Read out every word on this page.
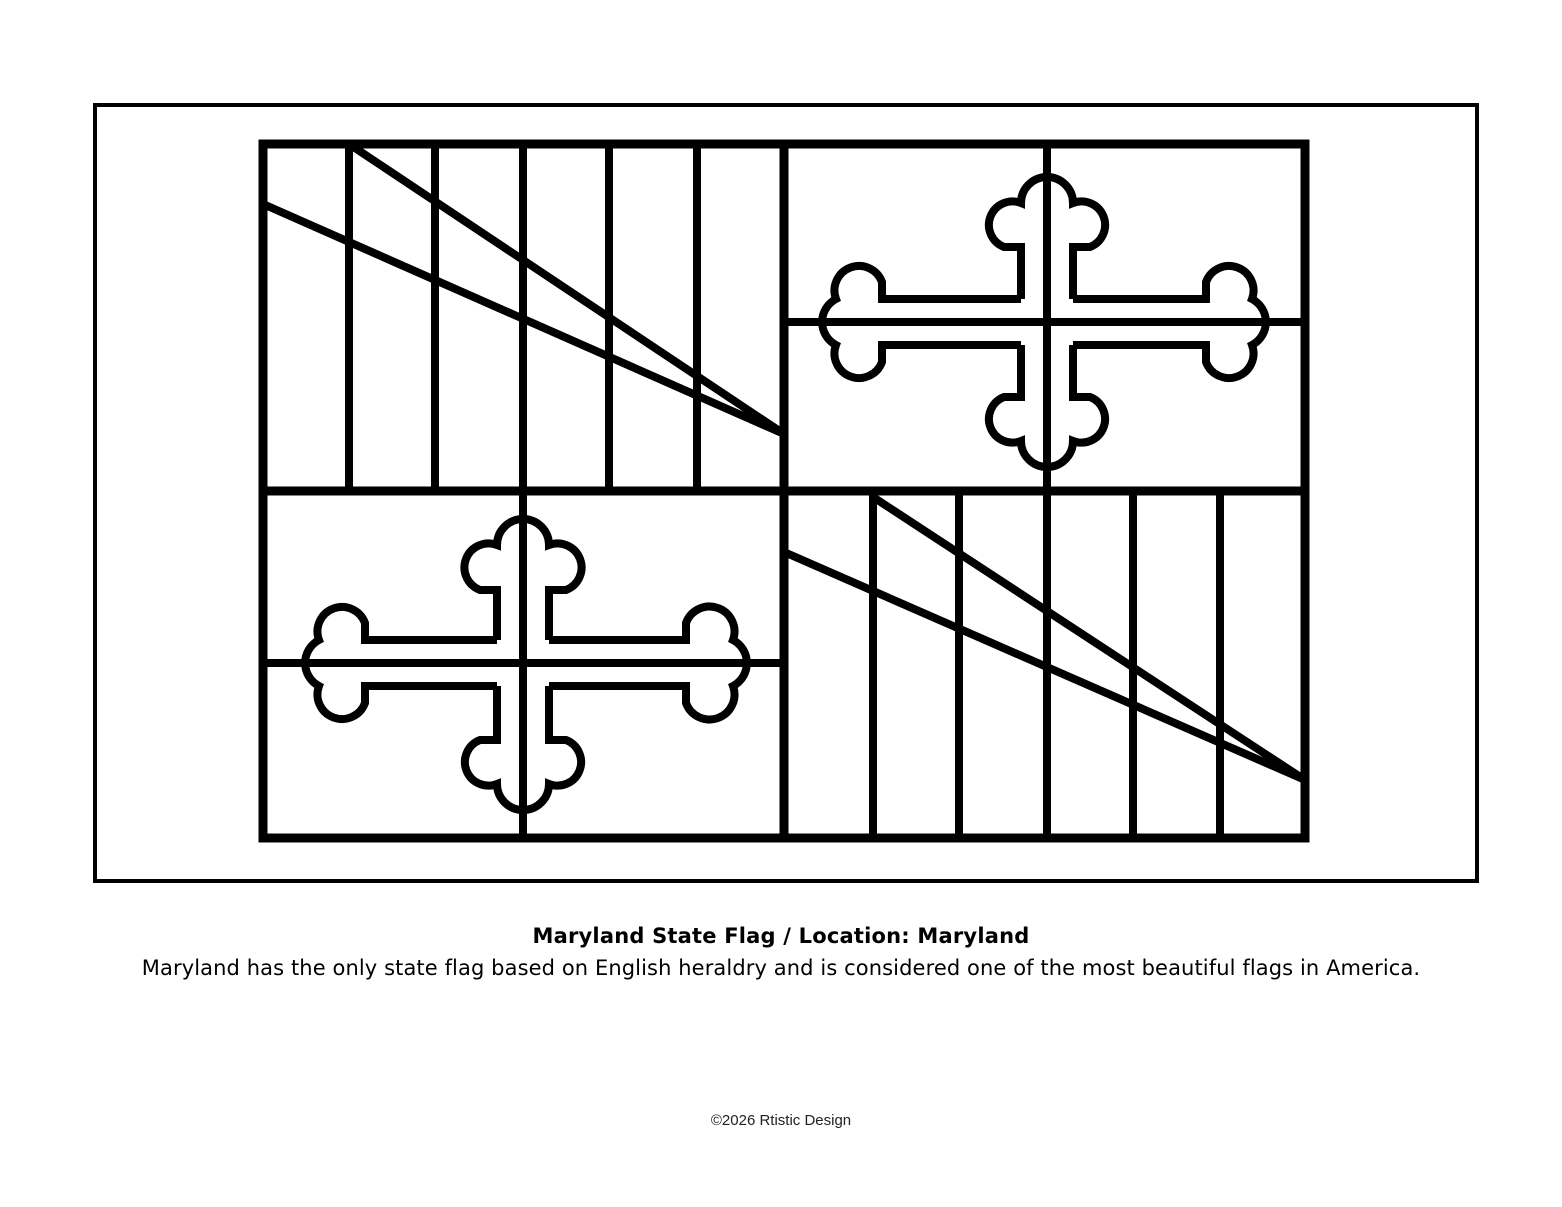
Maryland State Flag / Location: Maryland
Maryland has the only state flag based on English heraldry and is considered one of the most beautiful flags in America.
©2026 Rtistic Design
